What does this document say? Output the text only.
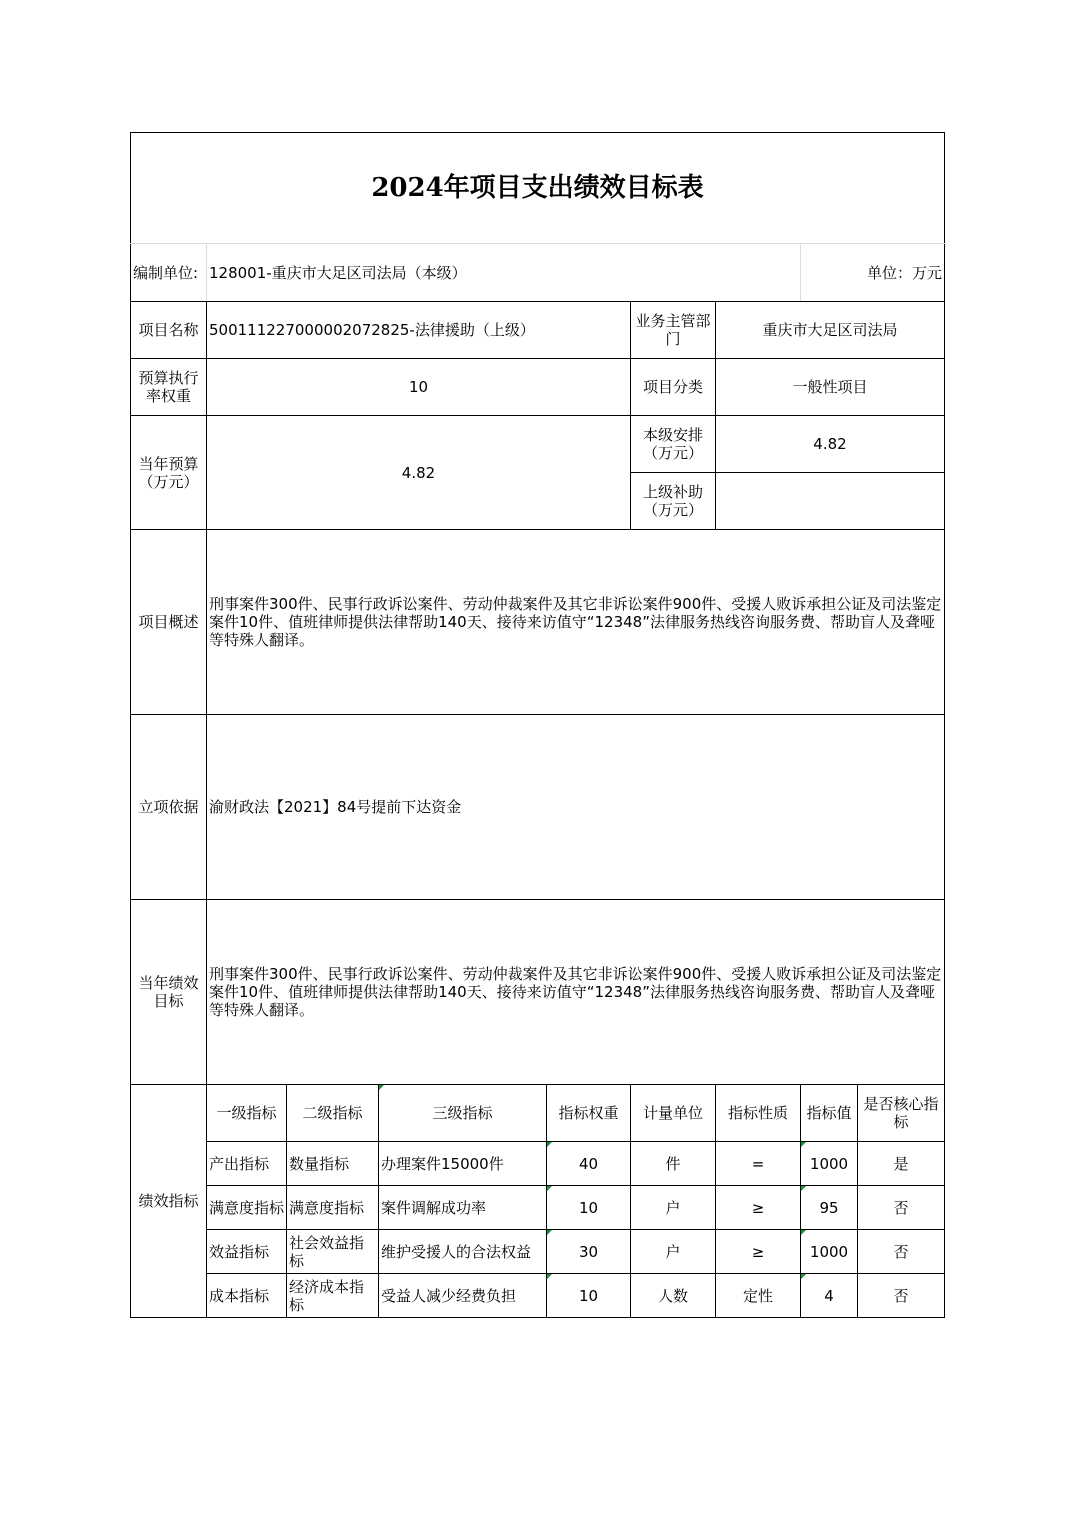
2024年项目支出绩效目标表								
编制单位:	128001-重庆市大足区司法局（本级）						单位：万元	
项目名称	500111227000002072825-法律援助（上级）				业务主管部门	重庆市大足区司法局		
预算执行率权重	10				项目分类	一般性项目		
当年预算（万元）	4.82				本级安排（万元）	4.82		
					上级补助（万元）			
项目概述	刑事案件300件、民事行政诉讼案件、劳动仲裁案件及其它非诉讼案件900件、受援人败诉承担公证及司法鉴定案件10件、值班律师提供法律帮助140天、接待来访值守“12348”法律服务热线咨询服务费、帮助盲人及聋哑等特殊人翻译。							
立项依据	渝财政法【2021】84号提前下达资金							
当年绩效目标	刑事案件300件、民事行政诉讼案件、劳动仲裁案件及其它非诉讼案件900件、受援人败诉承担公证及司法鉴定案件10件、值班律师提供法律帮助140天、接待来访值守“12348”法律服务热线咨询服务费、帮助盲人及聋哑等特殊人翻译。							
绩效指标	一级指标	二级指标	三级指标	指标权重	计量单位	指标性质	指标值	是否核心指标
	产出指标	数量指标	办理案件15000件	40	件	=	1000	是
	满意度指标	满意度指标	案件调解成功率	10	户	≥	95	否
	效益指标	社会效益指标	维护受援人的合法权益	30	户	≥	1000	否
	成本指标	经济成本指标	受益人减少经费负担	10	人数	定性	4	否
